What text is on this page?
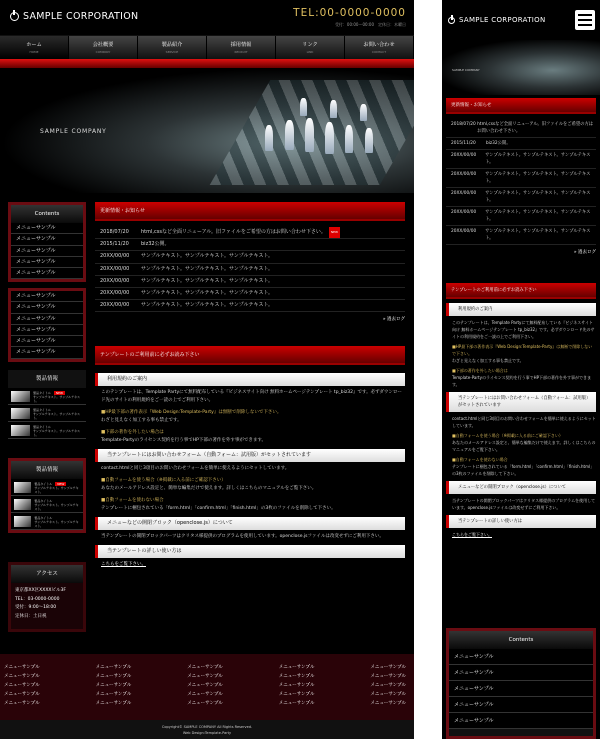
SAMPLE CORPORATION	TEL:00-0000-0000
受付：00:00〜00:00　定休日：木曜日
ホーム
HOME
会社概要
COMPANY
製品紹介
SERVICE
採用情報
RECRUIT
リンク
LINK
お問い合わせ
CONTACT
SAMPLE COMPANY
Contents
メニューサンプル
メニューサンプル
メニューサンプル
メニューサンプル
メニューサンプル
メニューサンプル
メニューサンプル
メニューサンプル
メニューサンプル
メニューサンプル
メニューサンプル
製品情報
製品タイトル NEW
サンプルテキスト。サンプルテキスト。
製品タイトル
サンプルテキスト。サンプルテキスト。
製品タイトル
サンプルテキスト。サンプルテキスト。
製品情報
製品タイトル NEW
サンプルテキスト。サンプルテキスト。
製品タイトル
サンプルテキスト。サンプルテキスト。
製品タイトル
サンプルテキスト。サンプルテキスト。
アクセス
東京都XX区XXXXビル3F
TEL：03-0000-0000
受付：9:00〜18:00
定休日：土日祝
更新情報・お知らせ
2018/07/20	html,cssなど全面リニューアル。旧ファイルをご希望の方はお問い合わせ下さい。	NEW
2015/11/20	biz32公開。
20XX/00/00	サンプルテキスト。サンプルテキスト。サンプルテキスト。
20XX/00/00	サンプルテキスト。サンプルテキスト。サンプルテキスト。
20XX/00/00	サンプルテキスト。サンプルテキスト。サンプルテキスト。
20XX/00/00	サンプルテキスト。サンプルテキスト。サンプルテキスト。
20XX/00/00	サンプルテキスト。サンプルテキスト。サンプルテキスト。
» 過去ログ
テンプレートのご利用前に必ずお読み下さい
利用規約のご案内
このテンプレートは、Template Partyにて無料配布している『ビジネスサイト向け 無料ホームページテンプレート tp_biz32』です。必ずダウンロード先のサイトの利用規約をご一読の上でご利用下さい。
■HP最下部の著作表示『Web Design:Template-Party』は無断で削除しないで下さい。
わざと見えなく加工する事も禁止です。
■下部の著作を外したい場合は
Template-Partyのライセンス契約を行う事でHP下部の著作を外す事ができます。
当テンプレートにはお問い合わせフォーム（自動フォーム：試用版）がセットされています
contact.htmlと同じ3項目のお問い合わせフォームを簡単に使えるようにセットしています。
■自動フォームを使う場合（※掲載に入る前にご確認下さい）
あなたのメールアドレス設定と、簡単な編集だけで使えます。詳しくはこちらのマニュアルをご覧下さい。
■自動フォームを使わない場合
テンプレートに梱包されている「form.html」「confirm.html」「finish.html」の3枚のファイルを削除して下さい。
メニューなどの開閉ブロック（openclose.js）について
当テンプレートの開閉ブロックパーツはクリタス様提供のプログラムを使用しています。openclose.jsファイルは改変せずにご利用下さい。
当テンプレートの詳しい使い方は
こちらをご覧下さい。
メニューサンプル
メニューサンプル
メニューサンプル
メニューサンプル
メニューサンプル
メニューサンプル
メニューサンプル
メニューサンプル
メニューサンプル
メニューサンプル
メニューサンプル
メニューサンプル
メニューサンプル
メニューサンプル
メニューサンプル
メニューサンプル
メニューサンプル
メニューサンプル
メニューサンプル
メニューサンプル
メニューサンプル
メニューサンプル
メニューサンプル
メニューサンプル
メニューサンプル
Copyright© SAMPLE COMPANY All Rights Reserved.
Web Design:Template-Party
SAMPLE CORPORATION
SAMPLE COMPANY
更新情報・お知らせ
2018/07/20 html,cssなど全面リニューアル。旧ファイルをご希望の方はお問い合わせ下さい。
2015/11/20	biz32公開。
20XX/00/00	サンプルテキスト。サンプルテキスト。サンプルテキスト。
20XX/00/00	サンプルテキスト。サンプルテキスト。サンプルテキスト。
20XX/00/00	サンプルテキスト。サンプルテキスト。サンプルテキスト。
20XX/00/00	サンプルテキスト。サンプルテキスト。サンプルテキスト。
20XX/00/00	サンプルテキスト。サンプルテキスト。サンプルテキスト。
» 過去ログ
テンプレートのご利用前に必ずお読み下さい
利用規約のご案内
このテンプレートは、Template Partyにて無料配布している『ビジネスサイト向け 無料ホームページテンプレート tp_biz32』です。必ずダウンロード先のサイトの利用規約をご一読の上でご利用下さい。
■HP最下部の著作表示『Web Design:Template-Party』は無断で削除しないで下さい。
わざと見えなく加工する事も禁止です。
■下部の著作を外したい場合は
Template-Partyのライセンス契約を行う事でHP下部の著作を外す事ができます。
当テンプレートにはお問い合わせフォーム（自動フォーム：試用版）がセットされています
contact.htmlと同じ3項目のお問い合わせフォームを簡単に使えるようにセットしています。
■自動フォームを使う場合（※掲載に入る前にご確認下さい）
あなたのメールアドレス設定と、簡単な編集だけで使えます。詳しくはこちらのマニュアルをご覧下さい。
■自動フォームを使わない場合
テンプレートに梱包されている「form.html」「confirm.html」「finish.html」の3枚のファイルを削除して下さい。
メニューなどの開閉ブロック（openclose.js）について
当テンプレートの開閉ブロックパーツはクリタス様提供のプログラムを使用しています。openclose.jsファイルは改変せずにご利用下さい。
当テンプレートの詳しい使い方は
こちらをご覧下さい。
Contents
メニューサンプル
メニューサンプル
メニューサンプル
メニューサンプル
メニューサンプル
